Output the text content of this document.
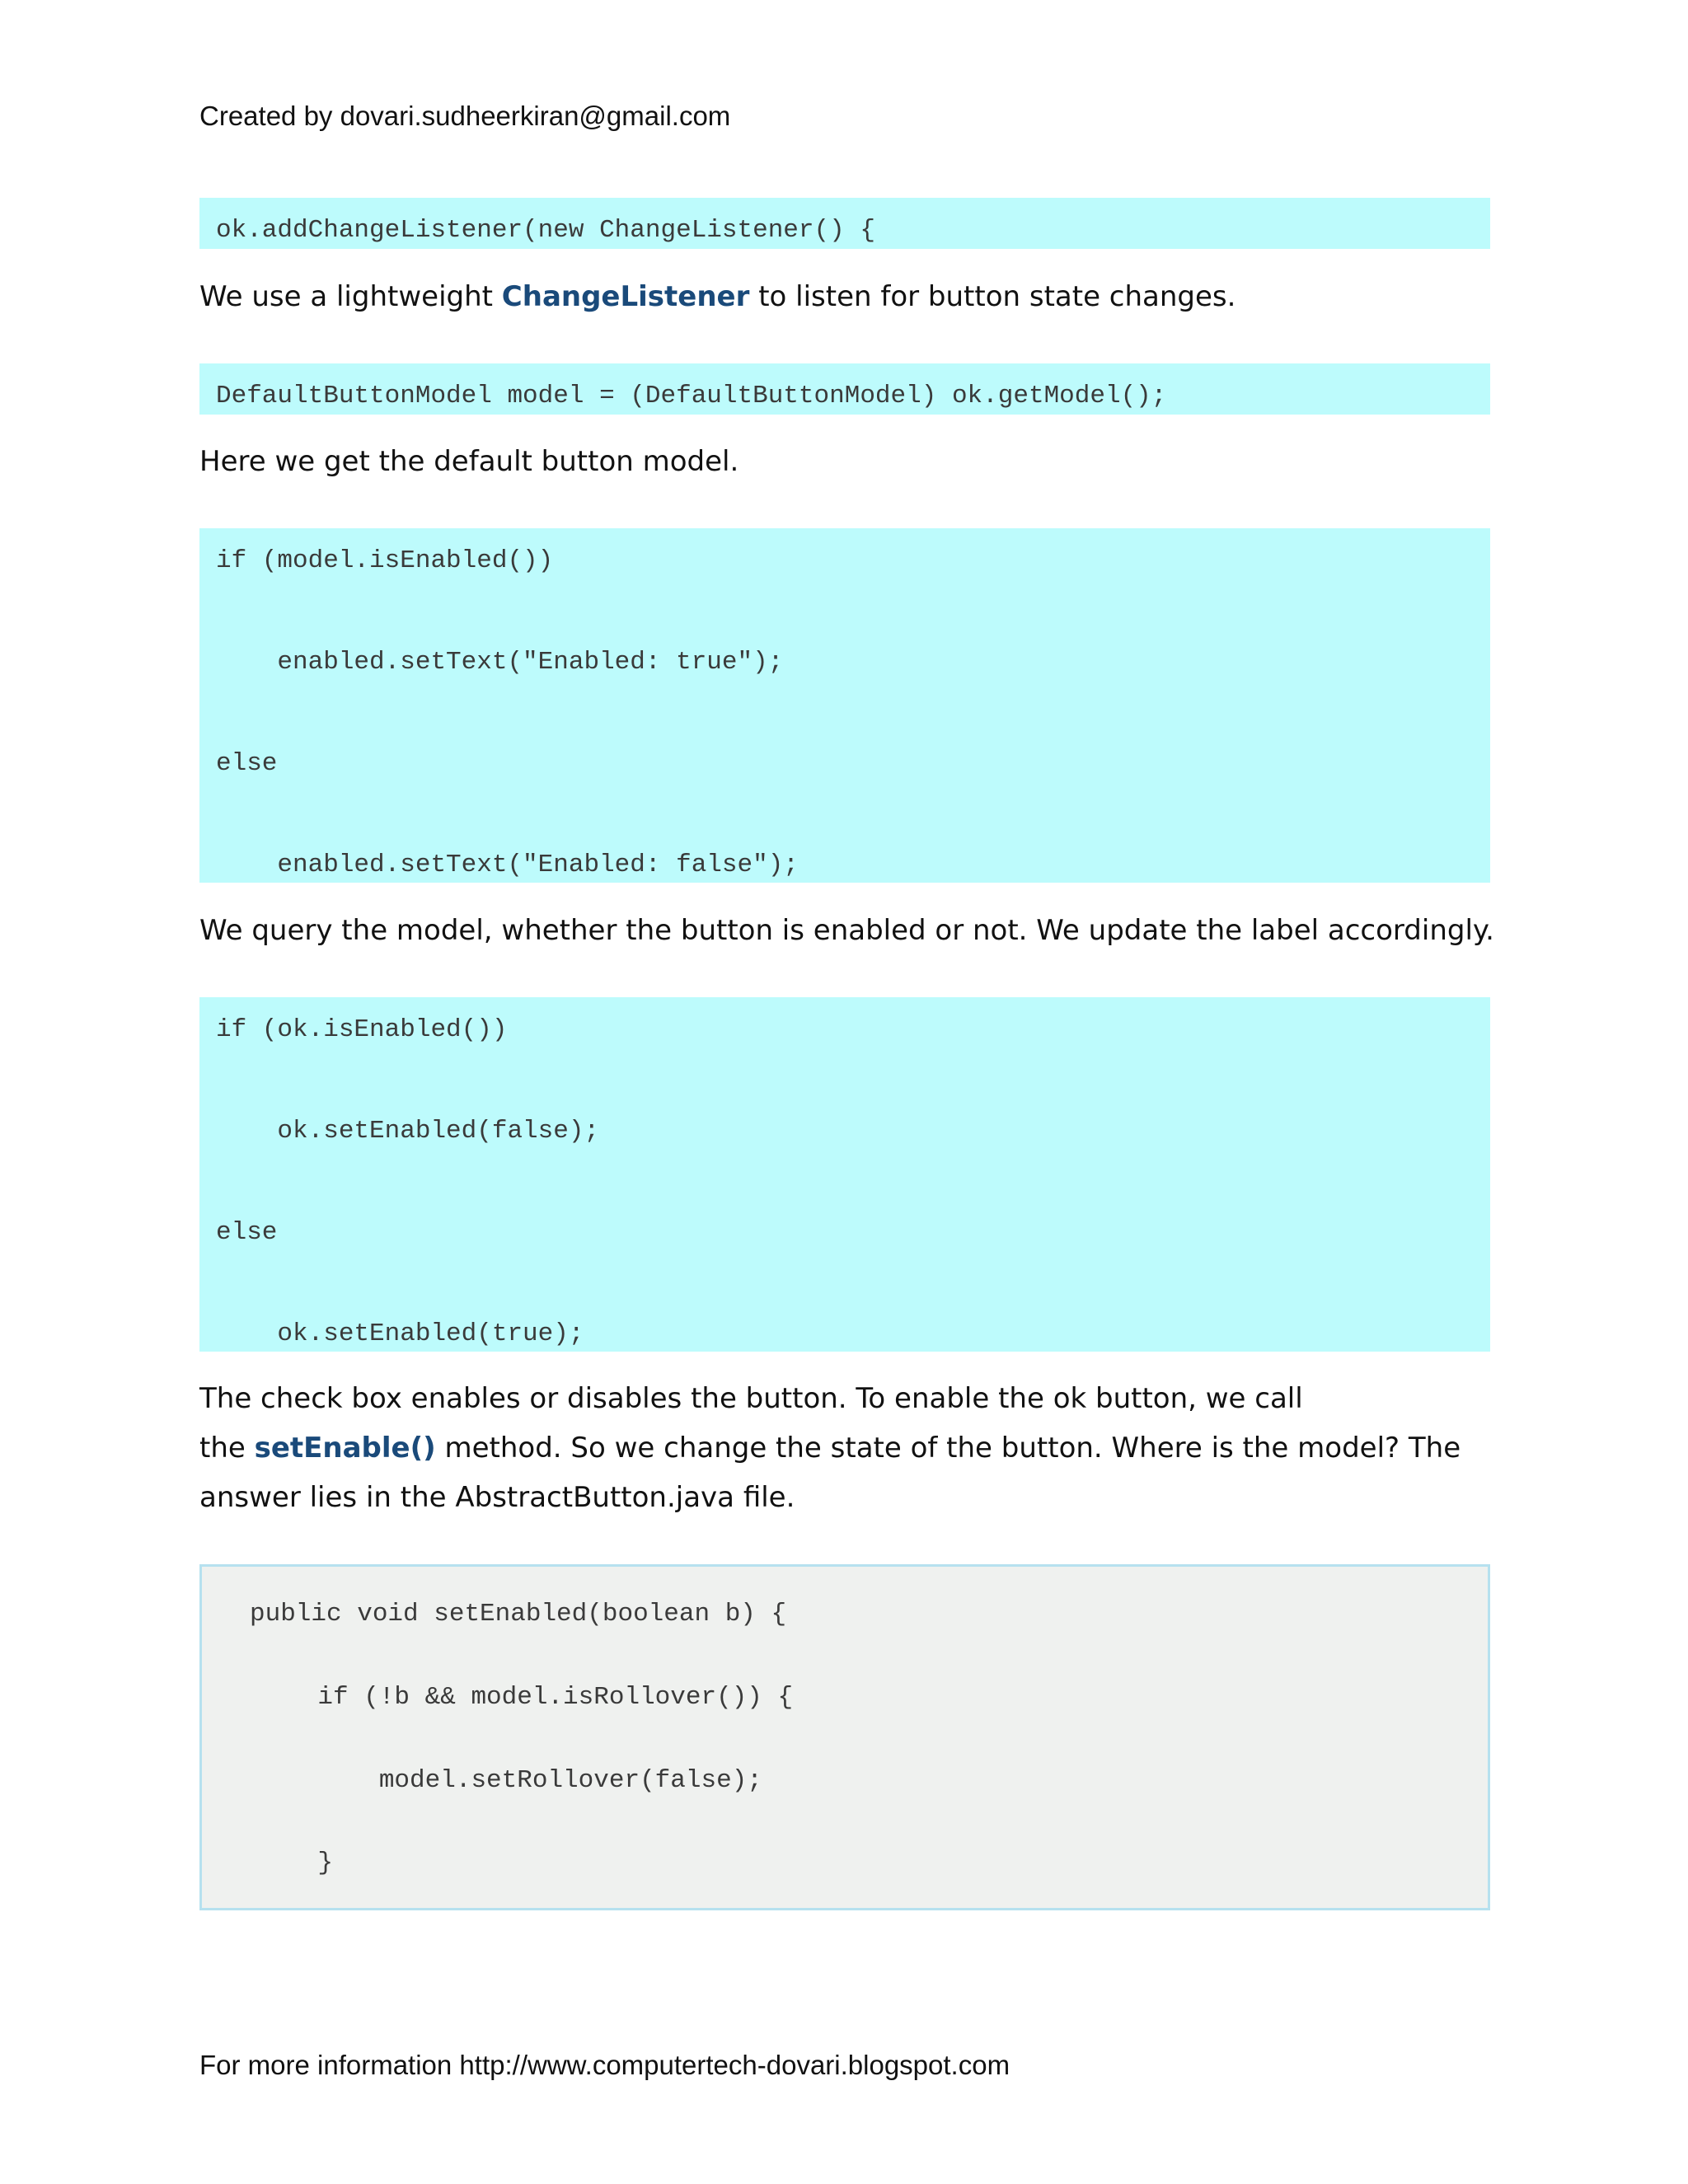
Created by dovari.sudheerkiran@gmail.com
ok.addChangeListener(new ChangeListener() {
We use a lightweight ChangeListener to listen for button state changes.
DefaultButtonModel model = (DefaultButtonModel) ok.getModel();
Here we get the default button model.
if (model.isEnabled())
enabled.setText("Enabled: true");
else
enabled.setText("Enabled: false");
We query the model, whether the button is enabled or not. We update the label accordingly.
if (ok.isEnabled())
ok.setEnabled(false);
else
ok.setEnabled(true);
The check box enables or disables the button. To enable the ok button, we call
the setEnable() method. So we change the state of the button. Where is the model? The
answer lies in the AbstractButton.java file.
public void setEnabled(boolean b) {
if (!b && model.isRollover()) {
model.setRollover(false);
}
For more information http://www.computertech-dovari.blogspot.com
